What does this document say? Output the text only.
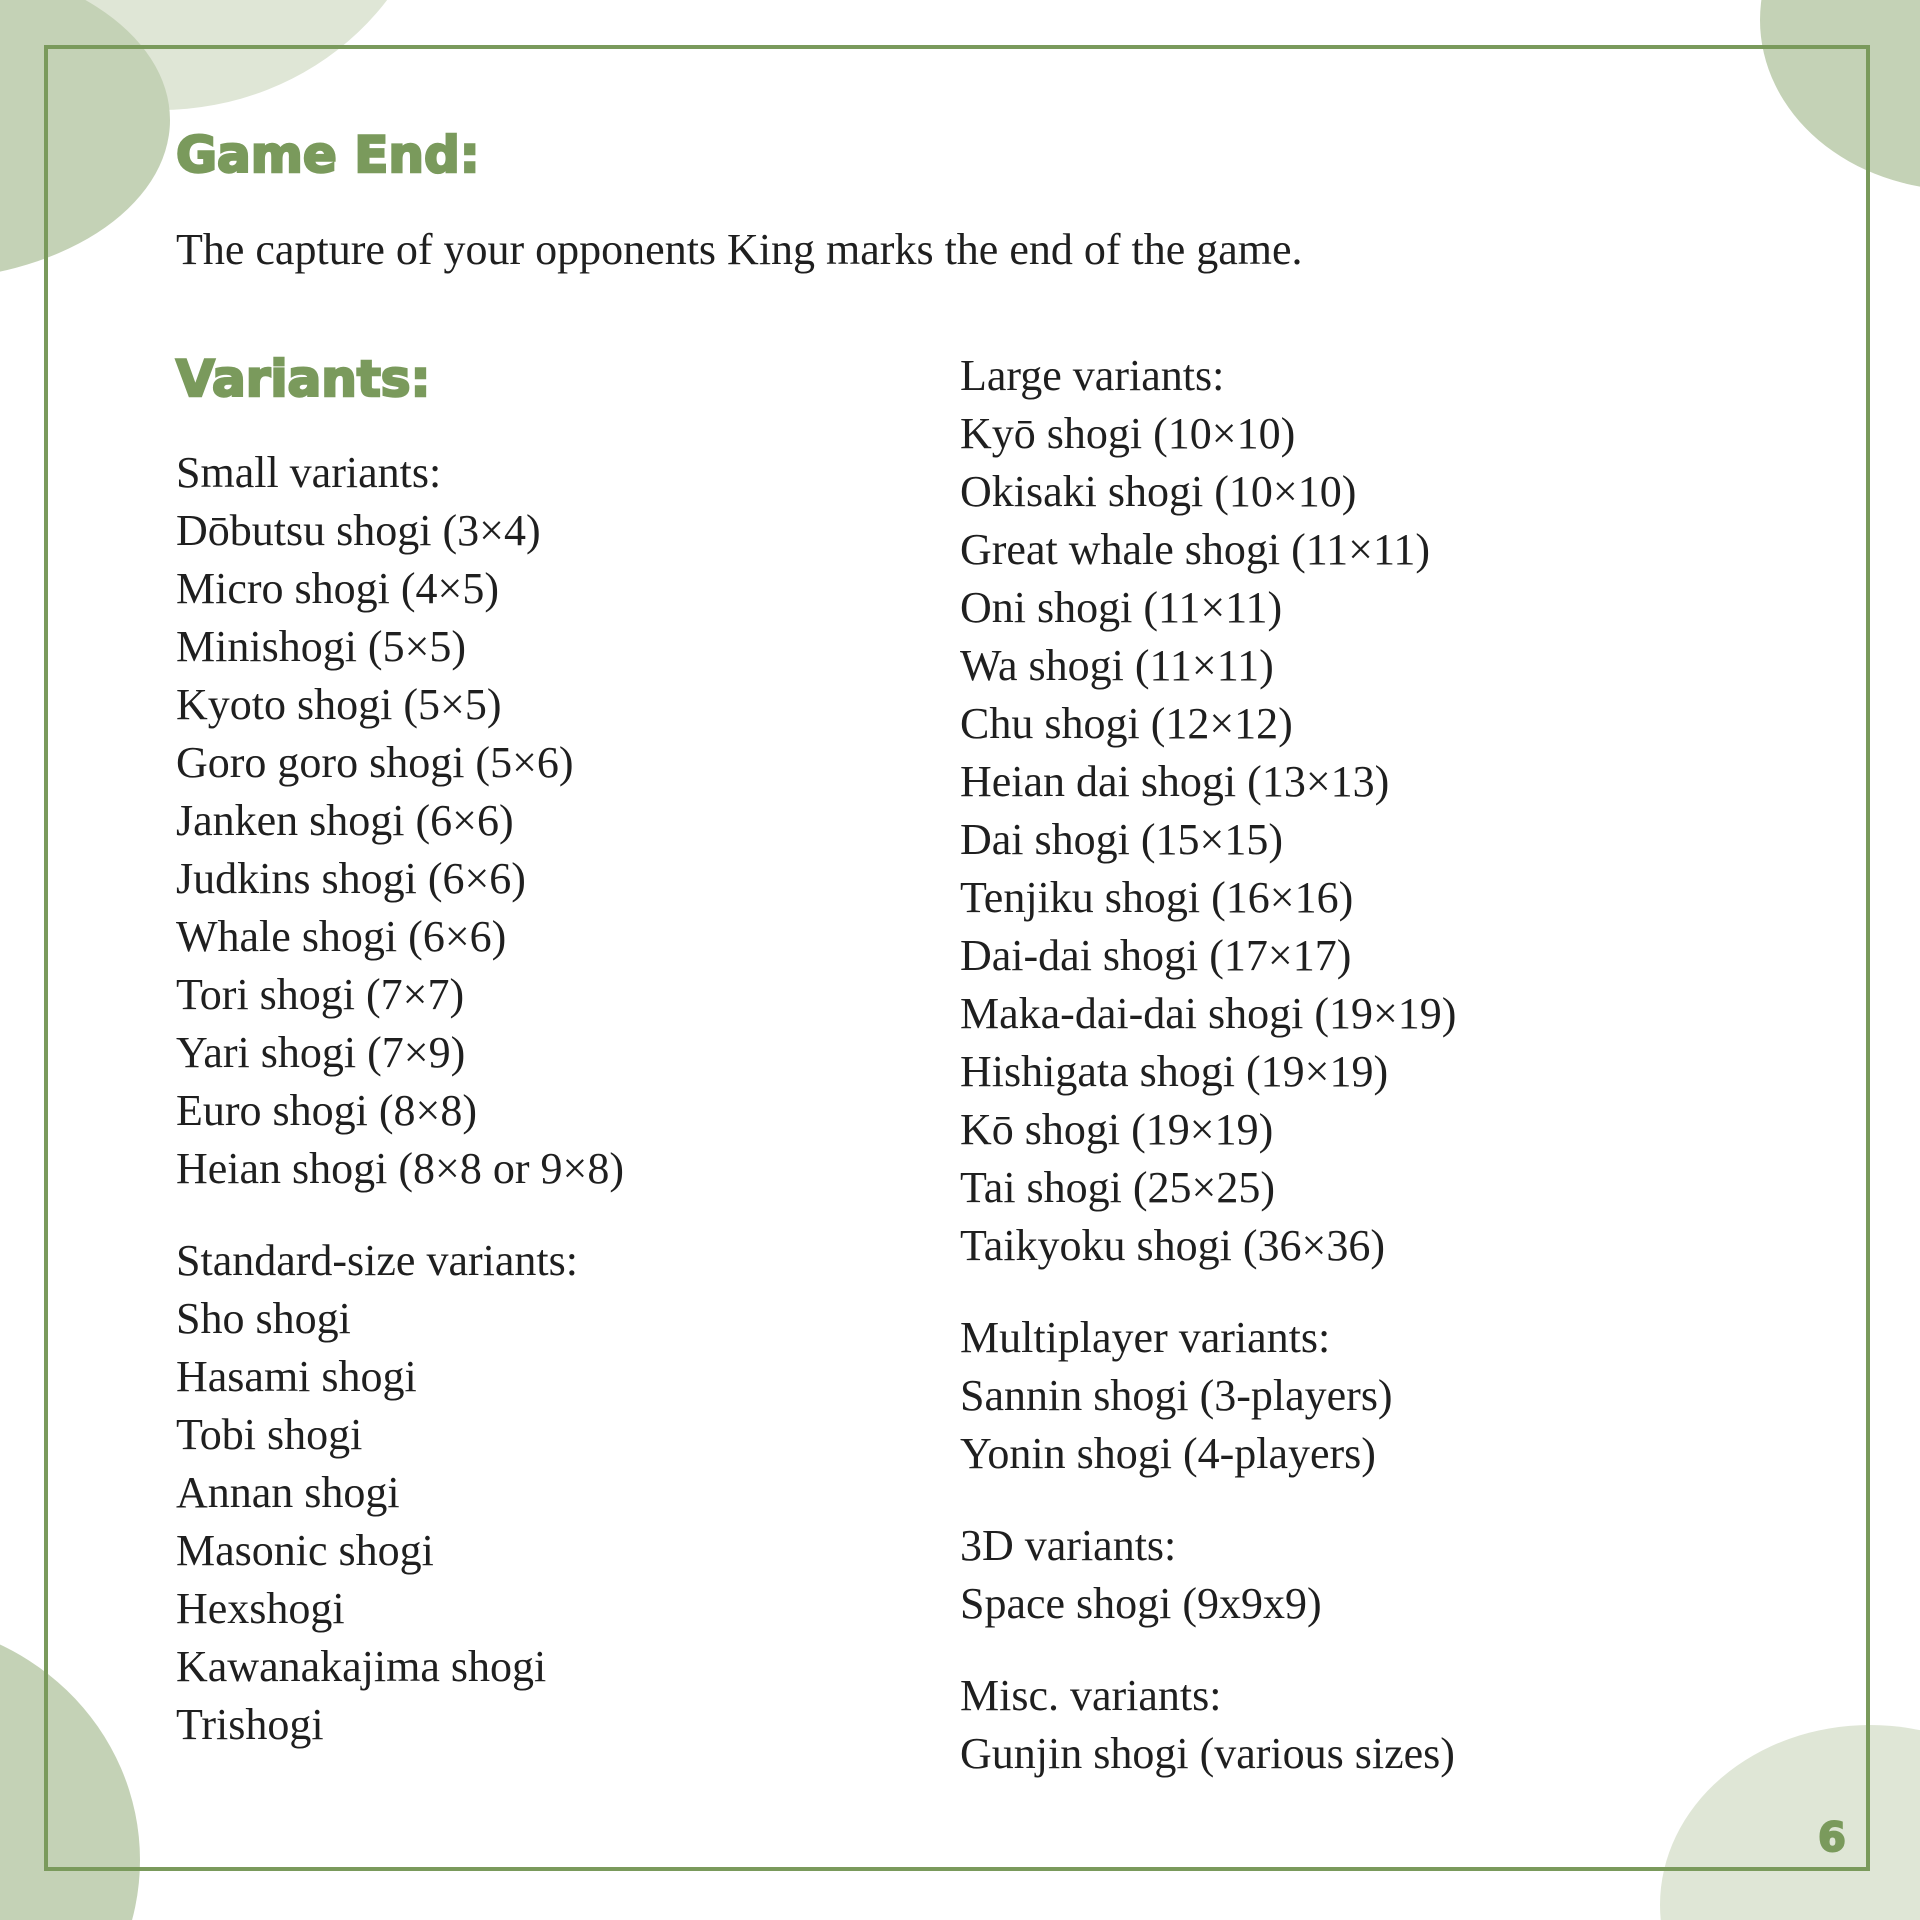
Game End:

The capture of your opponents King marks the end of the game.

Variants:
Small variants:
Dōbutsu shogi (3×4)
Micro shogi (4×5)
Minishogi (5×5)
Kyoto shogi (5×5)
Goro goro shogi (5×6)
Janken shogi (6×6)
Judkins shogi (6×6)
Whale shogi (6×6)
Tori shogi (7×7)
Yari shogi (7×9)
Euro shogi (8×8)
Heian shogi (8×8 or 9×8)
Standard-size variants:
Sho shogi
Hasami shogi
Tobi shogi
Annan shogi
Masonic shogi
Hexshogi
Kawanakajima shogi
Trishogi
Large variants:
Kyō shogi (10×10)
Okisaki shogi (10×10)
Great whale shogi (11×11)
Oni shogi (11×11)
Wa shogi (11×11)
Chu shogi (12×12)
Heian dai shogi (13×13)
Dai shogi (15×15)
Tenjiku shogi (16×16)
Dai-dai shogi (17×17)
Maka-dai-dai shogi (19×19)
Hishigata shogi (19×19)
Kō shogi (19×19)
Tai shogi (25×25)
Taikyoku shogi (36×36)
Multiplayer variants:
Sannin shogi (3-players)
Yonin shogi (4-players)
3D variants:
Space shogi (9x9x9)
Misc. variants:
Gunjin shogi (various sizes)
6
